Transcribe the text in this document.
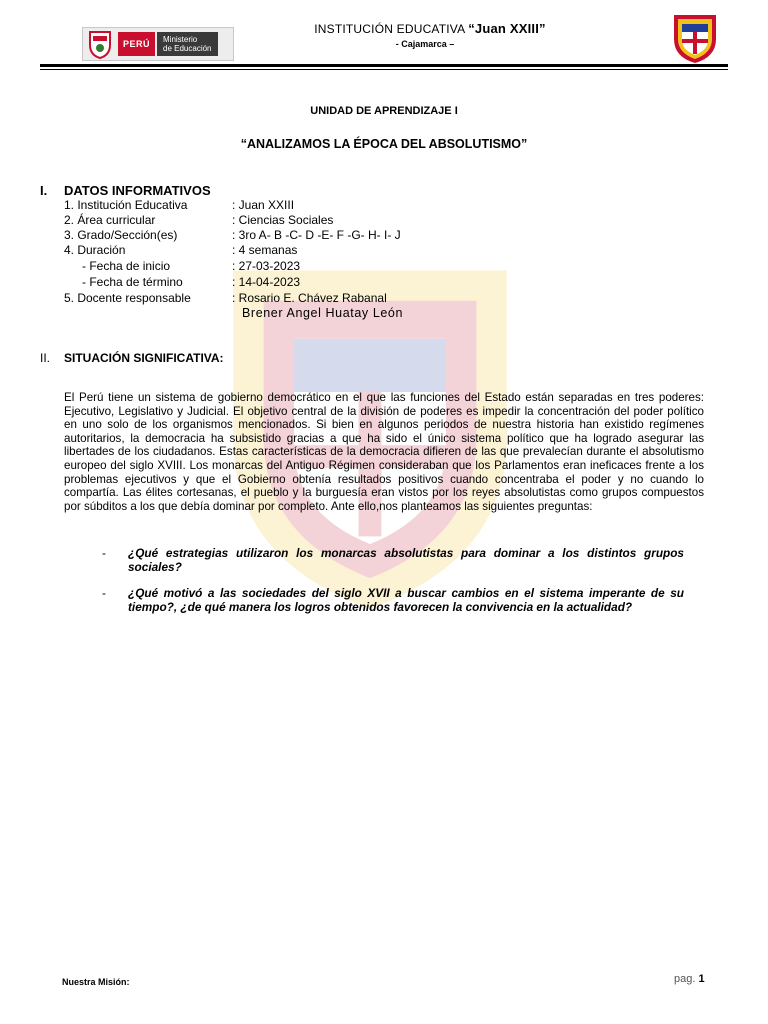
PERÚ	Ministerio
de Educación
INSTITUCIÓN EDUCATIVA “Juan XXIII”
- Cajamarca –
UNIDAD DE APRENDIZAJE I
“ANALIZAMOS LA ÉPOCA DEL ABSOLUTISMO”
I. DATOS INFORMATIVOS
1. Institución Educativa	: Juan XXIII
2. Área curricular	: Ciencias Sociales
3. Grado/Sección(es)	: 3ro A- B -C- D -E- F -G- H- I- J
4. Duración	: 4 semanas
- Fecha de inicio	: 27-03-2023
- Fecha de término	: 14-04-2023
5. Docente responsable	: Rosario E. Chávez Rabanal
Brener Angel Huatay León
II. SITUACIÓN SIGNIFICATIVA:
El Perú tiene un sistema de gobierno democrático en el que las funciones del Estado están separadas en tres poderes: Ejecutivo, Legislativo y Judicial. El objetivo central de la división de poderes es impedir la concentración del poder político en uno solo de los organismos mencionados. Si bien en algunos periodos de nuestra historia han existido regímenes autoritarios, la democracia ha subsistido gracias a que ha sido el único sistema político que ha logrado asegurar las libertades de los ciudadanos. Estas características de la democracia difieren de las que prevalecían durante el absolutismo europeo del siglo XVIII. Los monarcas del Antiguo Régimen consideraban que los Parlamentos eran ineficaces frente a los problemas ejecutivos y que el Gobierno obtenía resultados positivos cuando concentraba el poder y no cuando lo compartía. Las élites cortesanas, el pueblo y la burguesía eran vistos por los reyes absolutistas como grupos compuestos por súbditos a los que debía dominar por completo. Ante ello,nos planteamos las siguientes preguntas:
- ¿Qué estrategias utilizaron los monarcas absolutistas para dominar a los distintos grupos sociales?
- ¿Qué motivó a las sociedades del siglo XVII a buscar cambios en el sistema imperante de su tiempo?, ¿de qué manera los logros obtenidos favorecen la convivencia en la actualidad?
Nuestra Misión:	pag. 1
